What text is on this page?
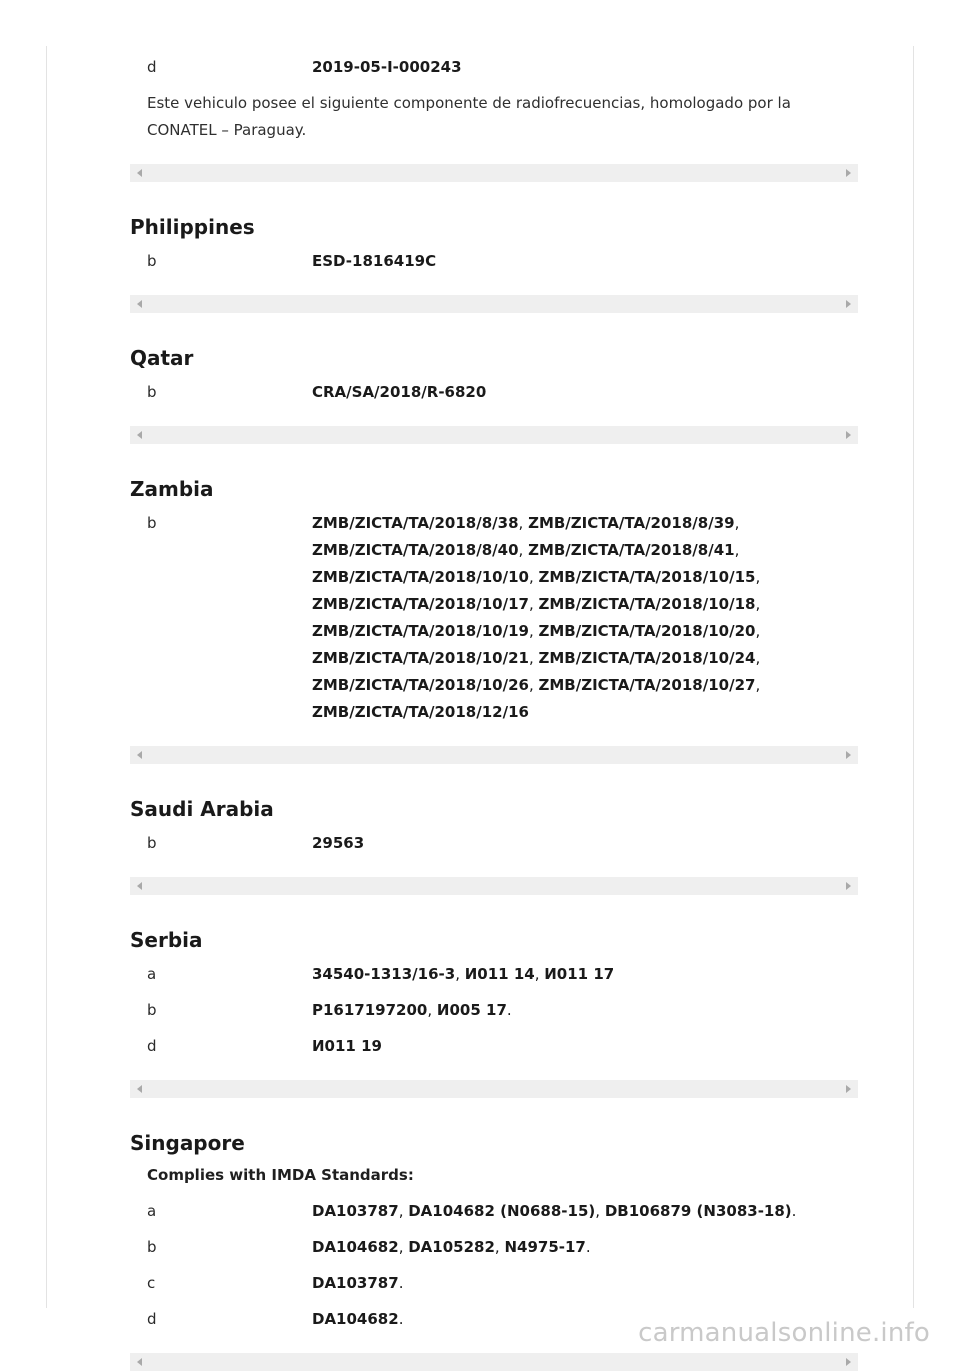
d	2019-05-I-000243
Este vehiculo posee el siguiente componente de radiofrecuencias, homologado por la CONATEL – Paraguay.
Philippines
b	ESD-1816419C
Qatar
b	CRA/SA/2018/R-6820
Zambia
b	ZMB/ZICTA/TA/2018/8/38, ZMB/ZICTA/TA/2018/8/39, ZMB/ZICTA/TA/2018/8/40, ZMB/ZICTA/TA/2018/8/41, ZMB/ZICTA/TA/2018/10/10, ZMB/ZICTA/TA/2018/10/15, ZMB/ZICTA/TA/2018/10/17, ZMB/ZICTA/TA/2018/10/18, ZMB/ZICTA/TA/2018/10/19, ZMB/ZICTA/TA/2018/10/20, ZMB/ZICTA/TA/2018/10/21, ZMB/ZICTA/TA/2018/10/24, ZMB/ZICTA/TA/2018/10/26, ZMB/ZICTA/TA/2018/10/27, ZMB/ZICTA/TA/2018/12/16
Saudi Arabia
b	29563
Serbia
a	34540-1313/16-3, И011 14, И011 17
b	P1617197200, И005 17.
d	И011 19
Singapore
Complies with IMDA Standards:
a	DA103787, DA104682 (N0688-15), DB106879 (N3083-18).
b	DA104682, DA105282, N4975-17.
c	DA103787.
d	DA104682.	carmanualsonline.info
